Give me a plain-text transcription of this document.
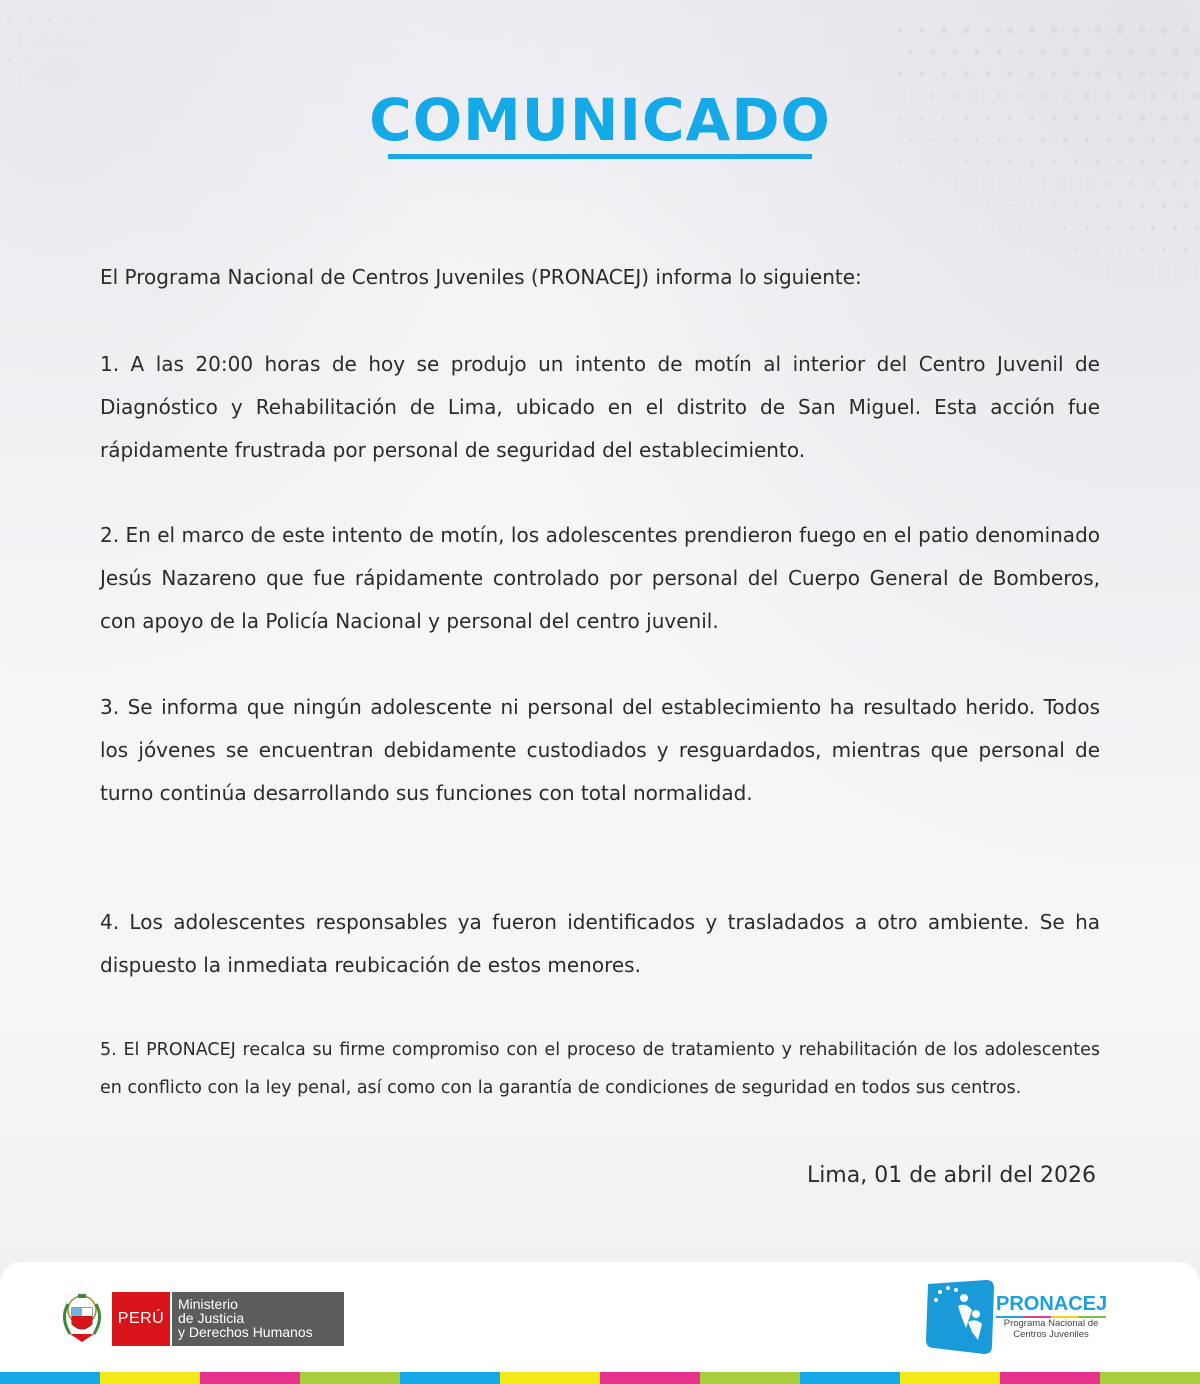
COMUNICADO

El Programa Nacional de Centros Juveniles (PRONACEJ) informa lo siguiente:

1. A las 20:00 horas de hoy se produjo un intento de motín al interior del Centro Juvenil de Diagnóstico y Rehabilitación de Lima, ubicado en el distrito de San Miguel. Esta acción fue rápidamente frustrada por personal de seguridad del establecimiento.

2. En el marco de este intento de motín, los adolescentes prendieron fuego en el patio denominado Jesús Nazareno que fue rápidamente controlado por personal del Cuerpo General de Bomberos, con apoyo de la Policía Nacional y personal del centro juvenil.

3. Se informa que ningún adolescente ni personal del establecimiento ha resultado herido. Todos los jóvenes se encuentran debidamente custodiados y resguardados, mientras que personal de turno continúa desarrollando sus funciones con total normalidad.

4. Los adolescentes responsables ya fueron identificados y trasladados a otro ambiente. Se ha dispuesto la inmediata reubicación de estos menores.

5. El PRONACEJ recalca su firme compromiso con el proceso de tratamiento y rehabilitación de los adolescentes en conflicto con la ley penal, así como con la garantía de condiciones de seguridad en todos sus centros.

Lima, 01 de abril del 2026

PERÚ
Ministerio
de Justicia
y Derechos Humanos

PRONACEJ

Programa Nacional de
Centros Juveniles
